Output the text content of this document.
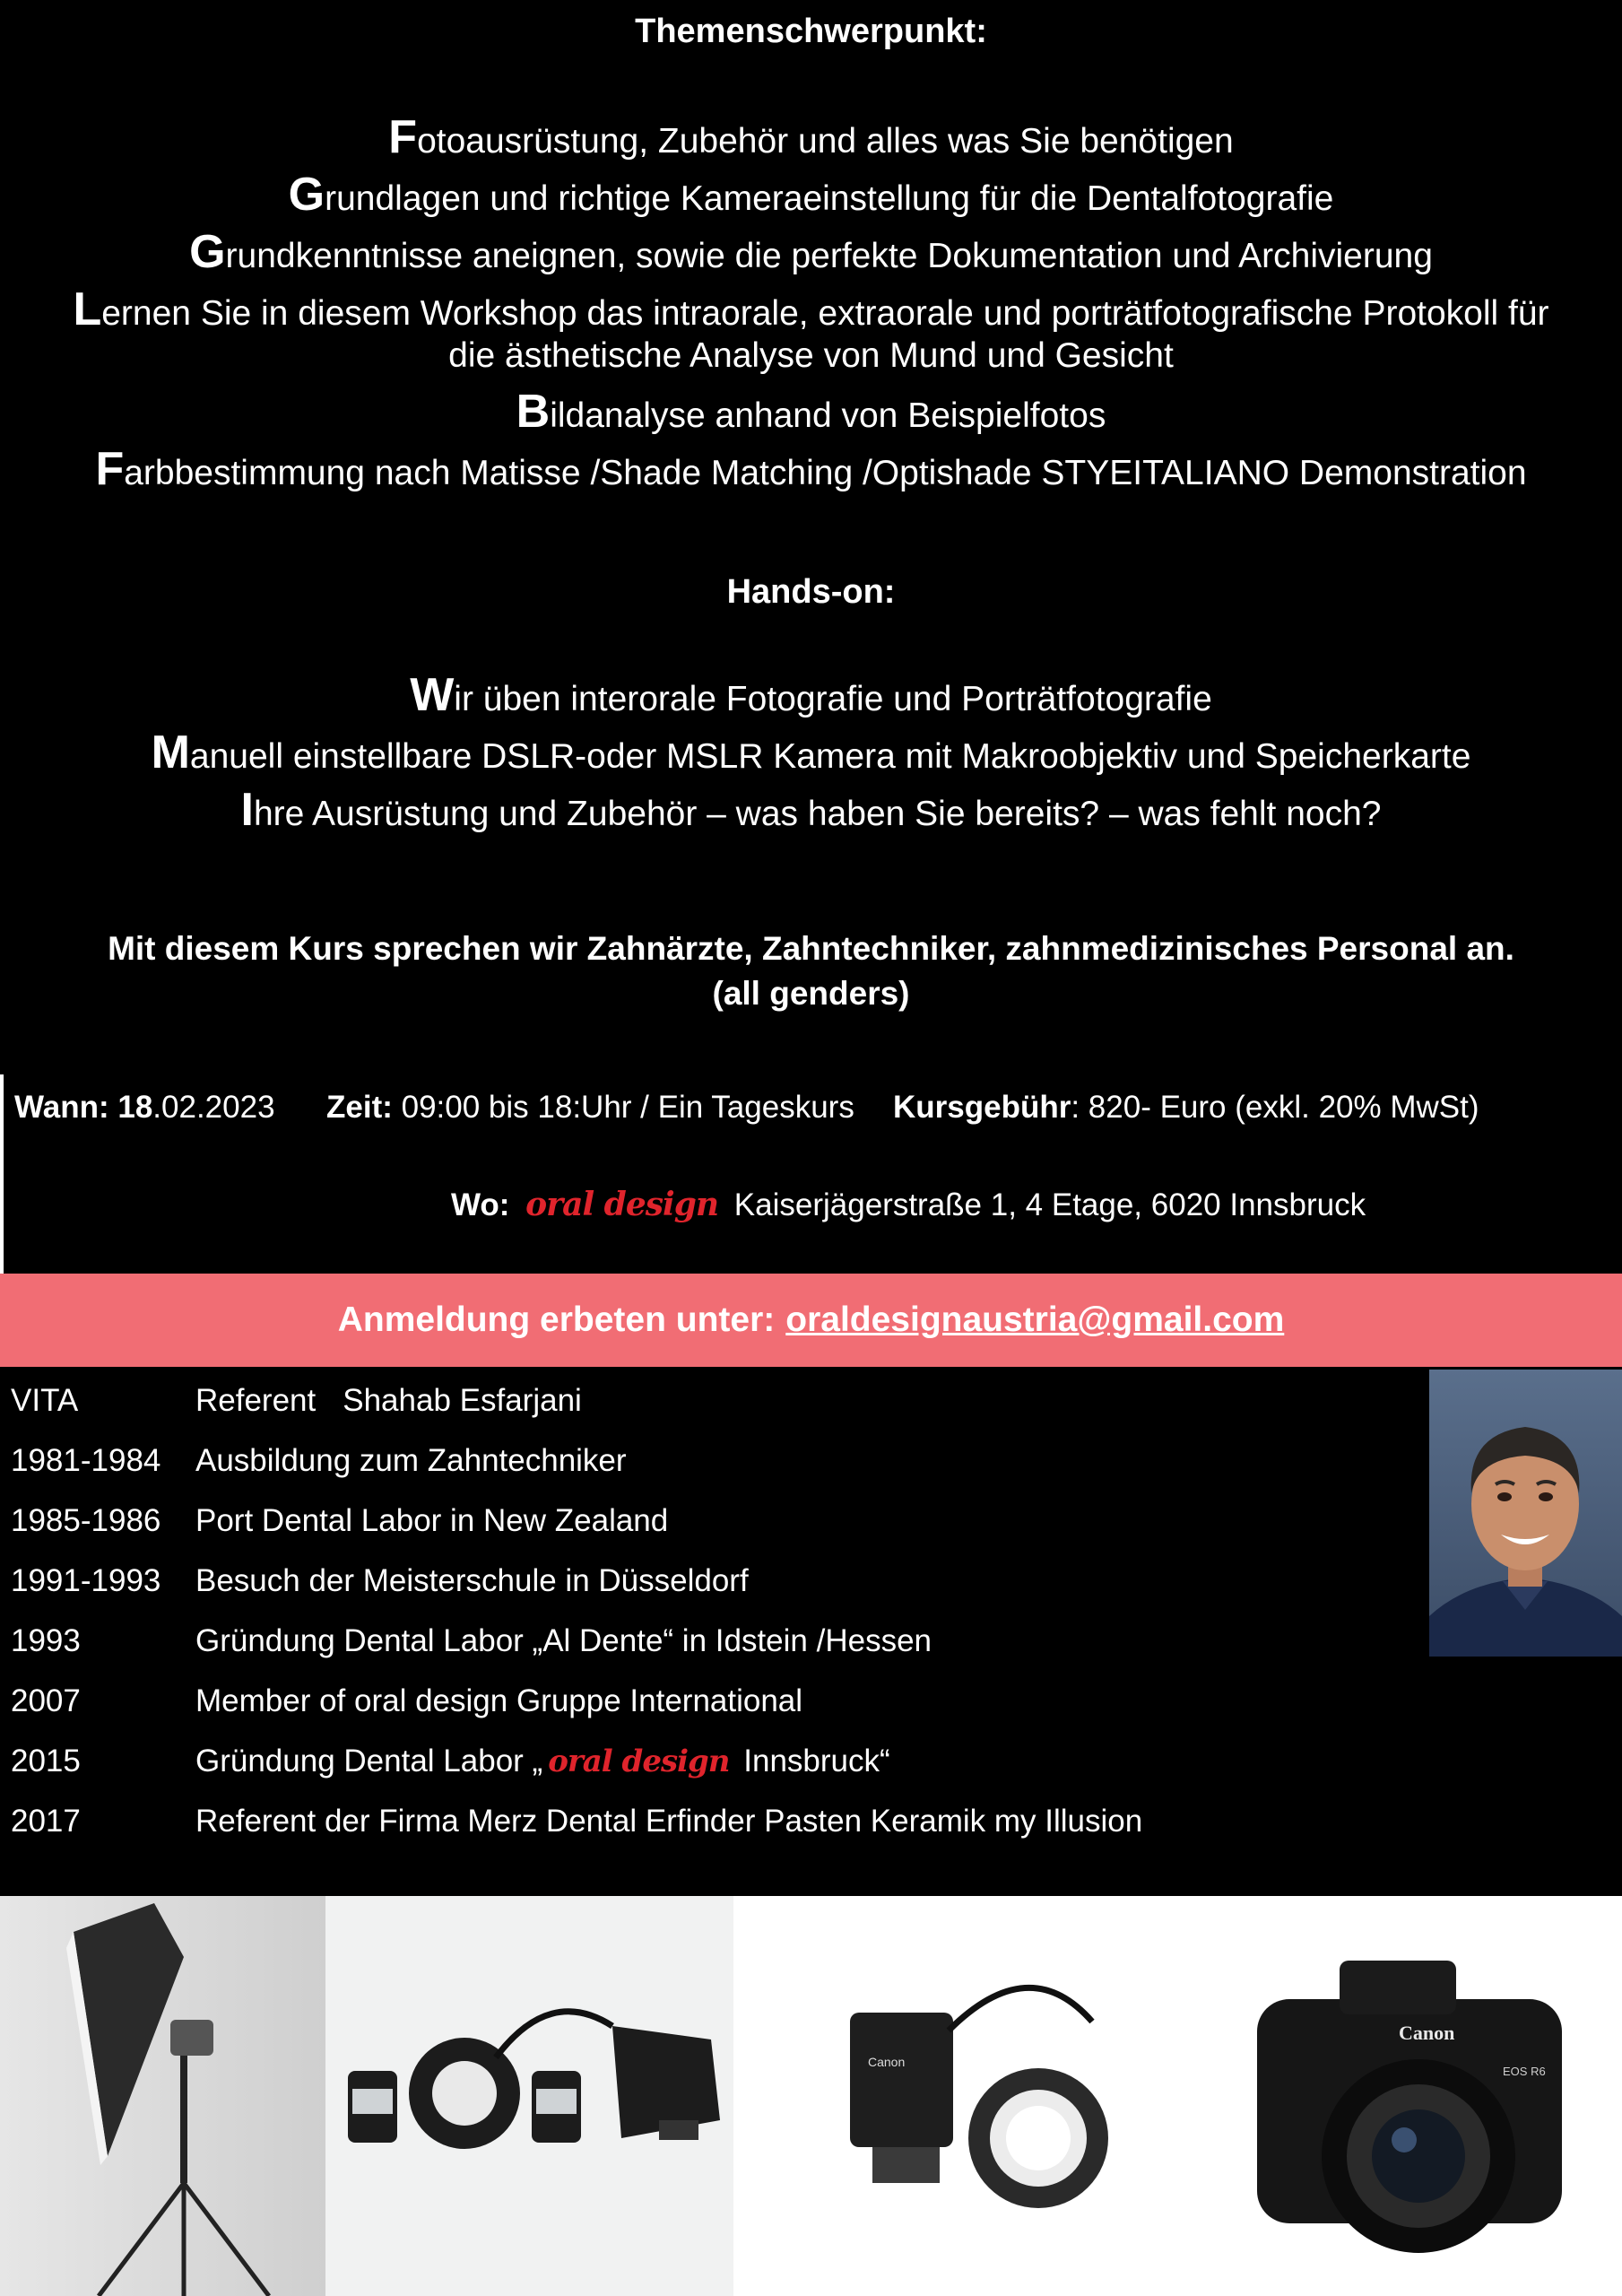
Themenschwerpunkt:
Fotoausrüstung, Zubehör und alles was Sie benötigen
Grundlagen und richtige Kameraeinstellung für die Dentalfotografie
Grundkenntnisse aneignen, sowie die perfekte Dokumentation und Archivierung
Lernen Sie in diesem Workshop das intraorale, extraorale und porträtfotografische Protokoll für
die ästhetische Analyse von Mund und Gesicht
Bildanalyse anhand von Beispielfotos
Farbbestimmung nach Matisse /Shade Matching /Optishade STYEITALIANO Demonstration
Hands-on:
Wir üben interorale Fotografie und Porträtfotografie
Manuell einstellbare DSLR-oder MSLR Kamera mit Makroobjektiv und Speicherkarte
Ihre Ausrüstung und Zubehör – was haben Sie bereits? – was fehlt noch?
Mit diesem Kurs sprechen wir Zahnärzte, Zahntechniker, zahnmedizinisches Personal an.
(all genders)
Wann: 18.02.2023 Zeit: 09:00 bis 18:Uhr / Ein Tageskurs Kursgebühr: 820- Euro (exkl. 20% MwSt)
Wo: oral design Kaiserjägerstraße 1, 4 Etage, 6020 Innsbruck
Anmeldung erbeten unter: oraldesignaustria@gmail.com
VITA	Referent Shahab Esfarjani
1981-1984 Ausbildung zum Zahntechniker
1985-1986 Port Dental Labor in New Zealand
1991-1993 Besuch der Meisterschule in Düsseldorf
1993	Gründung Dental Labor „Al Dente“ in Idstein /Hessen
2007	Member of oral design Gruppe International
2015	Gründung Dental Labor „ oral design Innsbruck“
2017	Referent der Firma Merz Dental Erfinder Pasten Keramik my Illusion
Canon
Canon
EOS R6
